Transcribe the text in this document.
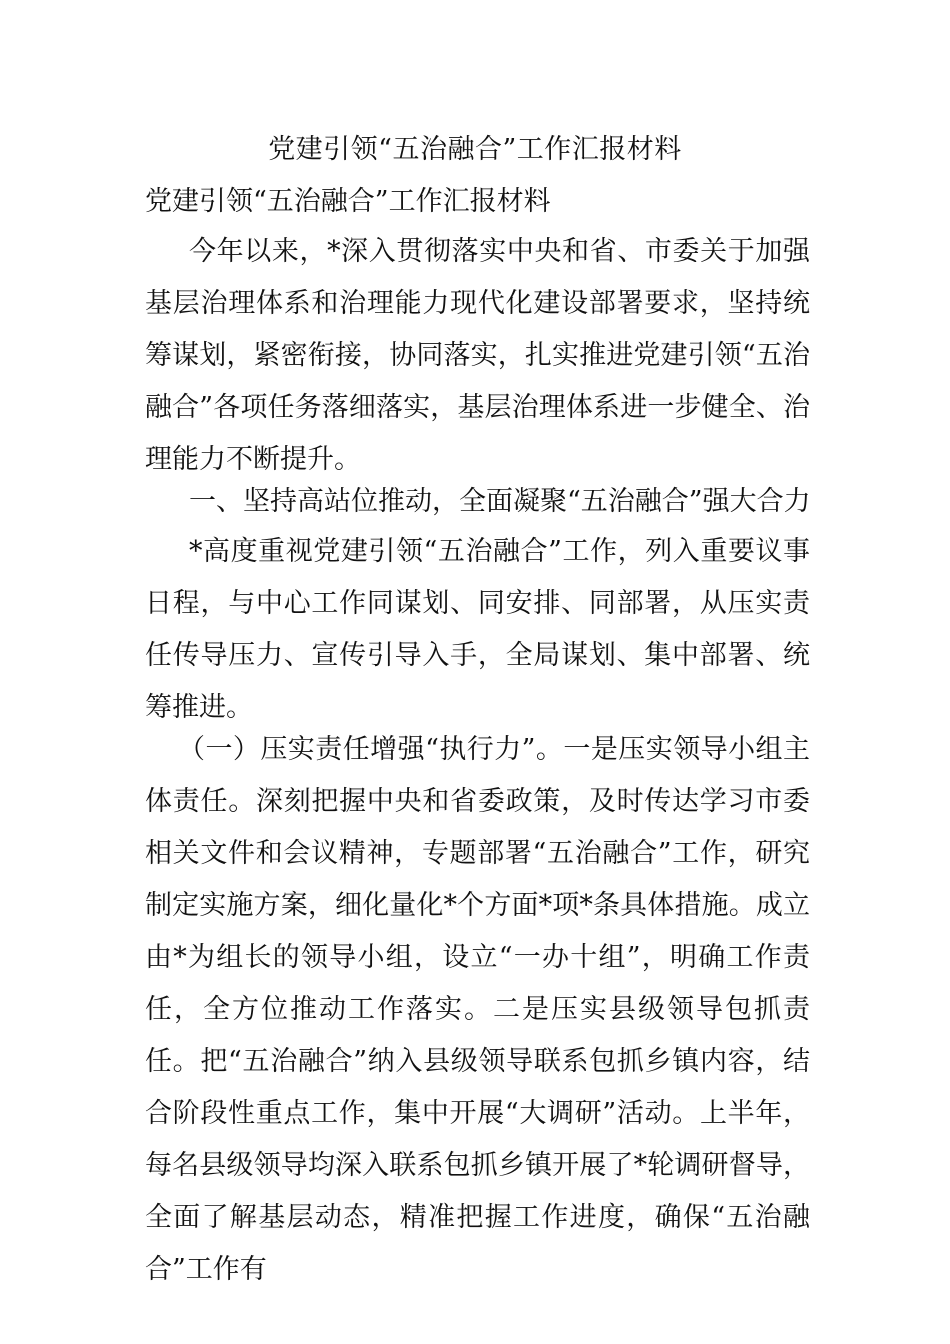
党建引领“五治融合”工作汇报材料

党建引领“五治融合”工作汇报材料

今年以来，*深入贯彻落实中央和省、市委关于加强基层治理体系和治理能力现代化建设部署要求，坚持统筹谋划，紧密衔接，协同落实，扎实推进党建引领“五治融合”各项任务落细落实，基层治理体系进一步健全、治理能力不断提升。

一、坚持高站位推动，全面凝聚“五治融合”强大合力

*高度重视党建引领“五治融合”工作，列入重要议事日程，与中心工作同谋划、同安排、同部署，从压实责任传导压力、宣传引导入手，全局谋划、集中部署、统筹推进。

（一）压实责任增强“执行力”。一是压实领导小组主体责任。深刻把握中央和省委政策，及时传达学习市委相关文件和会议精神，专题部署“五治融合”工作，研究制定实施方案，细化量化*个方面*项*条具体措施。成立由*为组长的领导小组，设立“一办十组”，明确工作责任，全方位推动工作落实。二是压实县级领导包抓责任。把“五治融合”纳入县级领导联系包抓乡镇内容，结合阶段性重点工作，集中开展“大调研”活动。上半年，每名县级领导均深入联系包抓乡镇开展了*轮调研督导，全面了解基层动态，精准把握工作进度，确保“五治融合”工作有
